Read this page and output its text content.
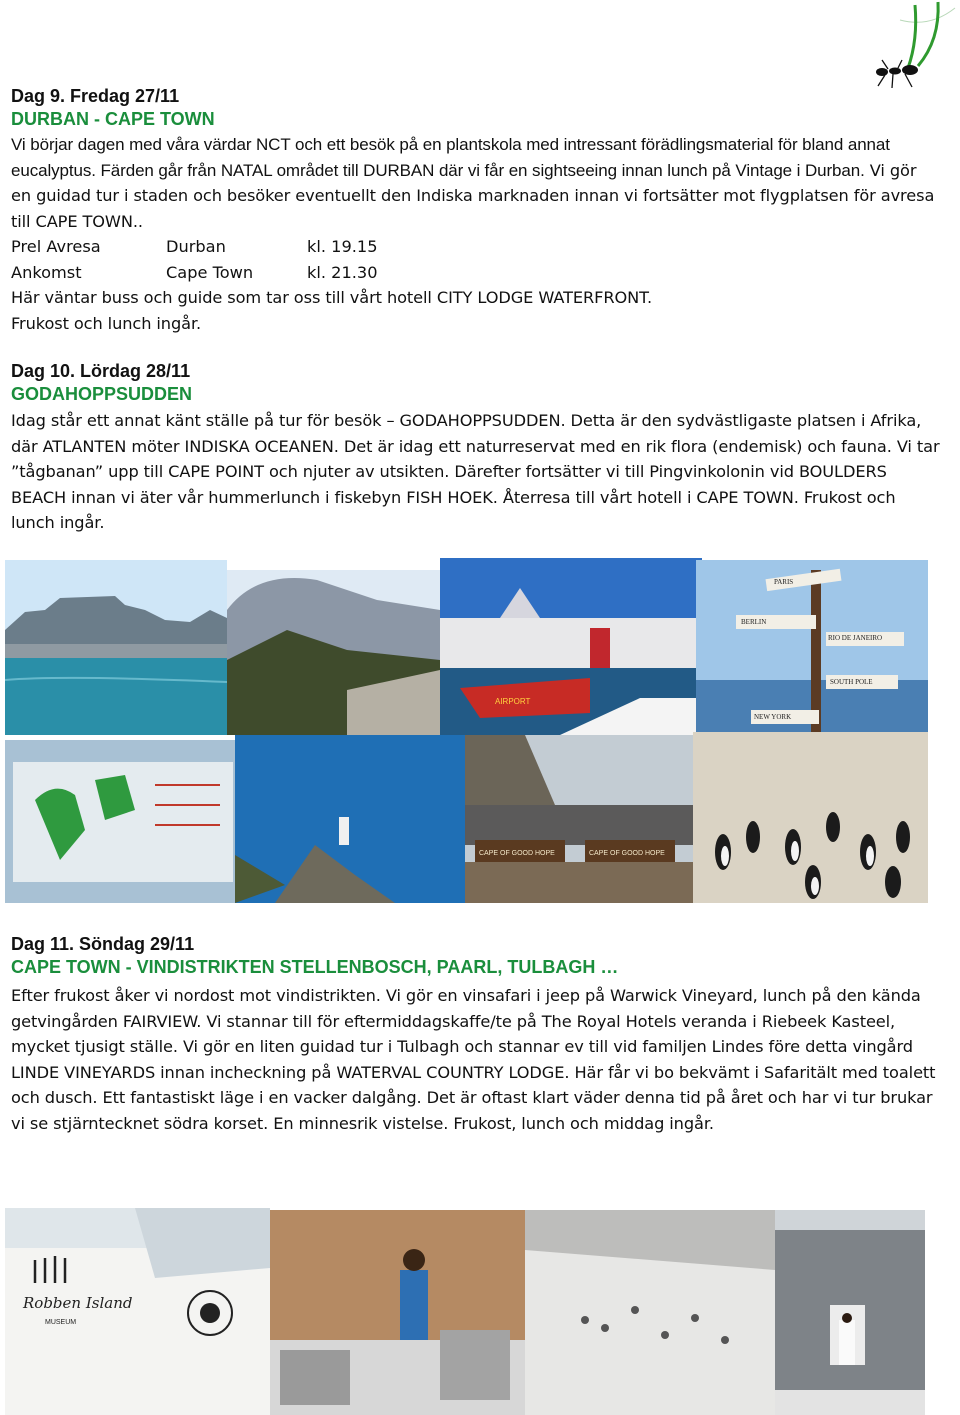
Dag 9. Fredag 27/11

DURBAN - CAPE TOWN

Vi börjar dagen med våra värdar NCT och ett besök på en plantskola med intressant förädlingsmaterial för bland annat eucalyptus. Färden går från NATAL området till DURBAN där vi får en sightseeing innan lunch på Vintage i Durban. Vi gör en guidad tur i staden och besöker eventuellt den Indiska marknaden innan vi fortsätter mot flygplatsen för avresa till CAPE TOWN..

Prel Avresa	Durban	kl. 19.15
Ankomst	Cape Town	kl. 21.30

Här väntar buss och guide som tar oss till vårt hotell CITY LODGE WATERFRONT.

Frukost och lunch ingår.

Dag 10. Lördag 28/11

GODAHOPPSUDDEN

Idag står ett annat känt ställe på tur för besök – GODAHOPPSUDDEN. Detta är den sydvästligaste platsen i Afrika, där ATLANTEN möter INDISKA OCEANEN. Det är idag ett naturreservat med en rik flora (endemisk) och fauna. Vi tar ”tågbanan” upp till CAPE POINT och njuter av utsikten. Därefter fortsätter vi till Pingvinkolonin vid BOULDERS BEACH innan vi äter vår hummerlunch i fiskebyn FISH HOEK. Återresa till vårt hotell i CAPE TOWN. Frukost och lunch ingår.

AIRPORT
PARIS
BERLIN
RIO DE JANEIRO
SOUTH POLE
NEW YORK
CAPE OF GOOD HOPE	CAPE OF GOOD HOPE

Dag 11. Söndag 29/11

CAPE TOWN - VINDISTRIKTEN STELLENBOSCH, PAARL, TULBAGH …

Efter frukost åker vi nordost mot vindistrikten. Vi gör en vinsafari i jeep på Warwick Vineyard, lunch på den kända getvingården FAIRVIEW. Vi stannar till för eftermiddagskaffe/te på The Royal Hotels veranda i Riebeek Kasteel, mycket tjusigt ställe. Vi gör en liten guidad tur i Tulbagh och stannar ev till vid familjen Lindes före detta vingård LINDE VINEYARDS innan incheckning på WATERVAL COUNTRY LODGE. Här får vi bo bekvämt i Safaritält med toalett och dusch. Ett fantastiskt läge i en vacker dalgång. Det är oftast klart väder denna tid på året och har vi tur brukar vi se stjärntecknet södra korset. En minnesrik vistelse. Frukost, lunch och middag ingår.

Robben Island
MUSEUM
